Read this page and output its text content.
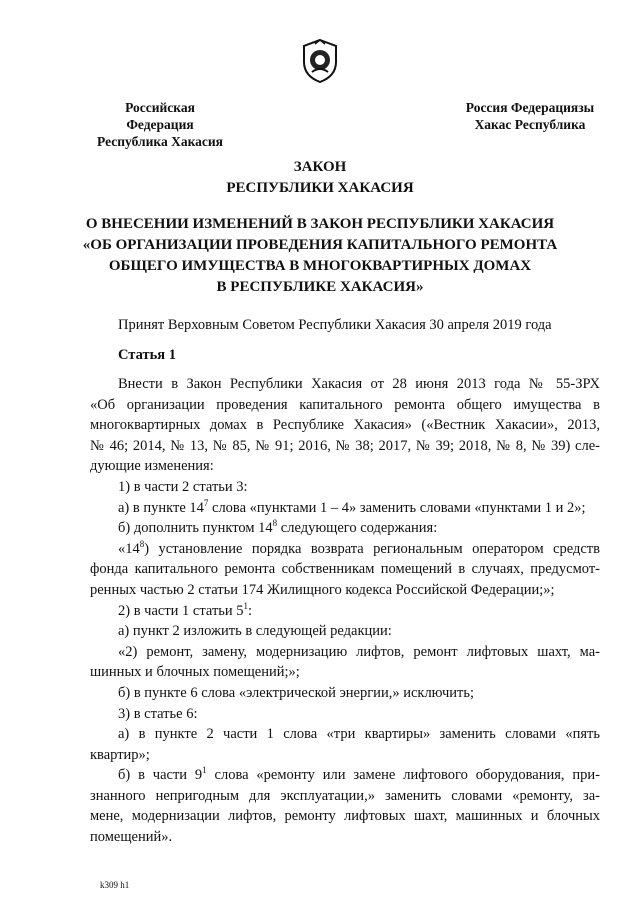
Российская Федерация
Республика Хакасия
Россия Федерациязы
Хакас Республика
ЗАКОН
РЕСПУБЛИКИ ХАКАСИЯ
О ВНЕСЕНИИ ИЗМЕНЕНИЙ В ЗАКОН РЕСПУБЛИКИ ХАКАСИЯ
«ОБ ОРГАНИЗАЦИИ ПРОВЕДЕНИЯ КАПИТАЛЬНОГО РЕМОНТА
ОБЩЕГО ИМУЩЕСТВА В МНОГОКВАРТИРНЫХ ДОМАХ
В РЕСПУБЛИКЕ ХАКАСИЯ»
Принят Верховным Советом Республики Хакасия 30 апреля 2019 года
Статья 1
Внести в Закон Республики Хакасия от 28 июня 2013 года № 55-ЗРХ
«Об организации проведения капитального ремонта общего имущества в
многоквартирных домах в Республике Хакасия» («Вестник Хакасии», 2013,
№ 46; 2014, № 13, № 85, № 91; 2016, № 38; 2017, № 39; 2018, № 8, № 39) сле-
дующие изменения:
1) в части 2 статьи 3:
а) в пункте $14^7$ слова «пунктами 1 – 4» заменить словами «пунктами 1 и 2»;
б) дополнить пунктом $14^8$ следующего содержания:
«$14^8$) установление порядка возврата региональным оператором средств
фонда капитального ремонта собственникам помещений в случаях, предусмот-
ренных частью 2 статьи 174 Жилищного кодекса Российской Федерации;»;
2) в части 1 статьи $5^1$:
а) пункт 2 изложить в следующей редакции:
«2) ремонт, замену, модернизацию лифтов, ремонт лифтовых шахт, ма-
шинных и блочных помещений;»;
б) в пункте 6 слова «электрической энергии,» исключить;
3) в статье 6:
а) в пункте 2 части 1 слова «три квартиры» заменить словами «пять
квартир»;
б) в части $9^1$ слова «ремонту или замене лифтового оборудования, при-
знанного непригодным для эксплуатации,» заменить словами «ремонту, за-
мене, модернизации лифтов, ремонту лифтовых шахт, машинных и блочных
помещений».
k309 h1
